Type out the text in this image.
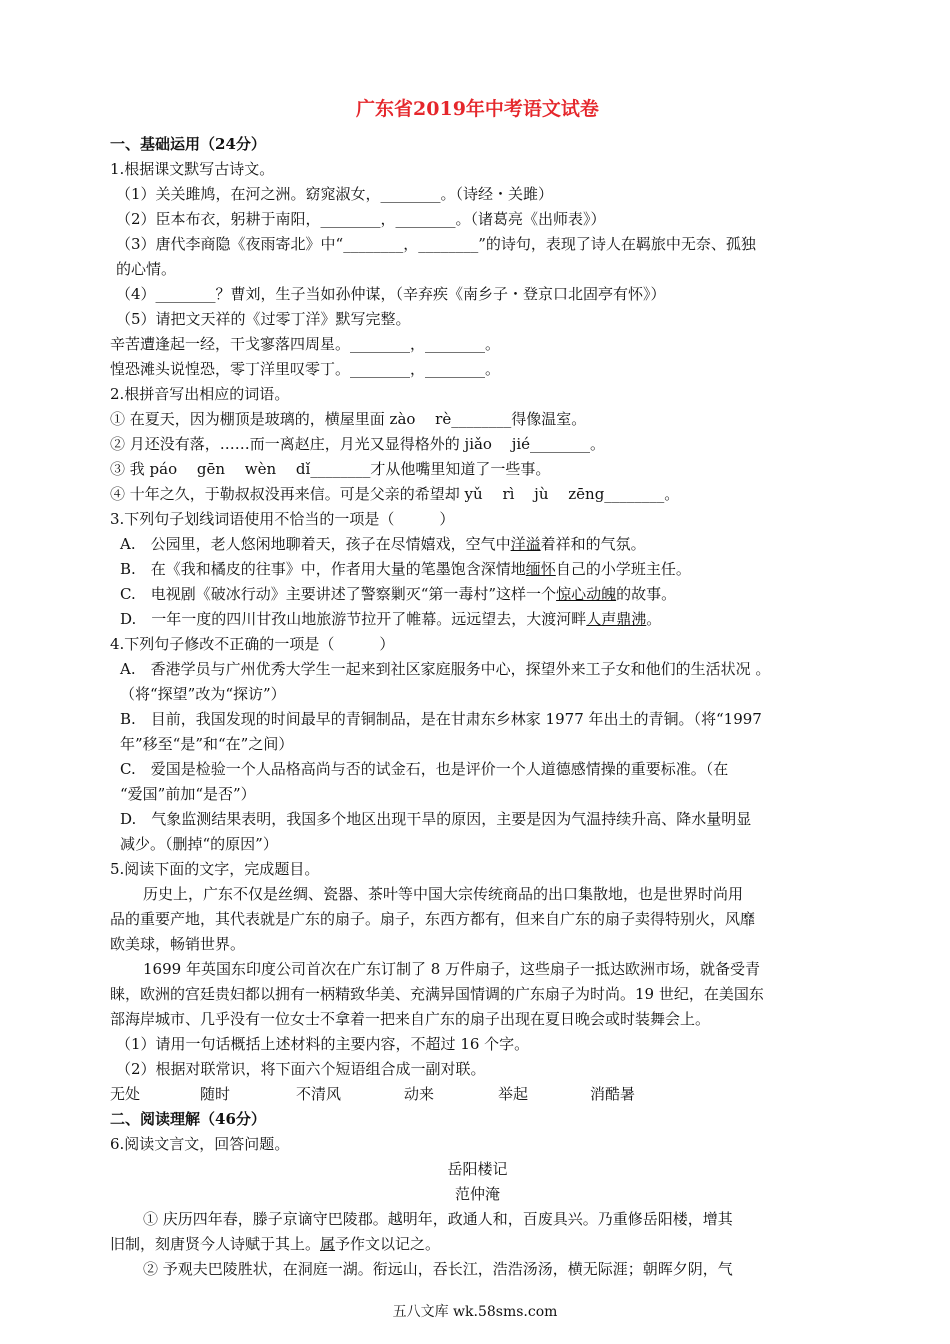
广东省2019年中考语文试卷
一、基础运用（24分）
1.根据课文默写古诗文。
（1）关关雎鸠，在河之洲。窈窕淑女，________。（诗经・关雎）
（2）臣本布衣，躬耕于南阳，________，________。（诸葛亮《出师表》）
（3）唐代李商隐《夜雨寄北》中“________，________”的诗句，表现了诗人在羁旅中无奈、孤独
的心情。
（4）________？曹刘，生子当如孙仲谋，（辛弃疾《南乡子・登京口北固亭有怀》）
（5）请把文天祥的《过零丁洋》默写完整。
辛苦遭逢起一经，干戈寥落四周星。________，________。
惶恐滩头说惶恐，零丁洋里叹零丁。________，________。
2.根拼音写出相应的词语。
① 在夏天，因为棚顶是玻璃的，横屋里面 zào　 rè________得像温室。
② 月还没有落，……而一离赵庄，月光又显得格外的 jiǎo　 jié________。
③ 我 páo　 gēn　 wèn　 dǐ________才从他嘴里知道了一些事。
④ 十年之久，于勒叔叔没再来信。可是父亲的希望却 yǔ　 rì　 jù　 zēng________。
3.下列句子划线词语使用不恰当的一项是（　　　）
A.　公园里，老人悠闲地聊着天，孩子在尽情嬉戏，空气中洋溢着祥和的气氛。
B.　在《我和橘皮的往事》中，作者用大量的笔墨饱含深情地缅怀自己的小学班主任。
C.　电视剧《破冰行动》主要讲述了警察剿灭“第一毒村”这样一个惊心动魄的故事。
D.　一年一度的四川甘孜山地旅游节拉开了帷幕。远远望去，大渡河畔人声鼎沸。
4.下列句子修改不正确的一项是（　　　）
A.　香港学员与广州优秀大学生一起来到社区家庭服务中心，探望外来工子女和他们的生活状况 。
（将“探望”改为“探访”）
B.　目前，我国发现的时间最早的青铜制品，是在甘肃东乡林家 1977 年出土的青铜。（将“1997
年”移至“是”和“在”之间）
C.　爱国是检验一个人品格高尚与否的试金石，也是评价一个人道德感情操的重要标准。（在
“爱国”前加“是否”）
D.　气象监测结果表明，我国多个地区出现干旱的原因，主要是因为气温持续升高、降水量明显
减少。（删掉“的原因”）
5.阅读下面的文字，完成题目。
历史上，广东不仅是丝绸、瓷器、茶叶等中国大宗传统商品的出口集散地，也是世界时尚用
品的重要产地，其代表就是广东的扇子。扇子，东西方都有，但来自广东的扇子卖得特别火，风靡
欧美球，畅销世界。
1699 年英国东印度公司首次在广东订制了 8 万件扇子，这些扇子一抵达欧洲市场，就备受青
睐，欧洲的宫廷贵妇都以拥有一柄精致华美、充满异国情调的广东扇子为时尚。19 世纪，在美国东
部海岸城市、几乎没有一位女士不拿着一把来自广东的扇子出现在夏日晚会或时装舞会上。
（1）请用一句话概括上述材料的主要内容，不超过 16 个字。
（2）根据对联常识，将下面六个短语组合成一副对联。
无处	随时	不清风	动来	举起	消酷暑
二、阅读理解（46分）
6.阅读文言文，回答问题。
岳阳楼记
范仲淹
① 庆历四年春，滕子京谪守巴陵郡。越明年，政通人和，百废具兴。乃重修岳阳楼，增其
旧制，刻唐贤今人诗赋于其上。属予作文以记之。
② 予观夫巴陵胜状，在洞庭一湖。衔远山，吞长江，浩浩汤汤，横无际涯；朝晖夕阴，气
五八文库 wk.58sms.com
